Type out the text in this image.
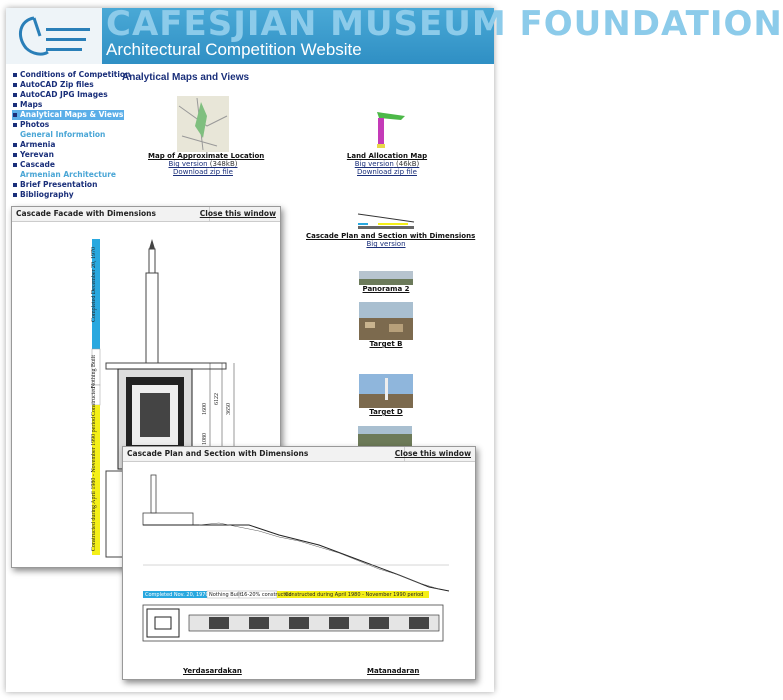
CAFESJIAN MUSEUM FOUNDATION
Architectural Competition Website
Conditions of Competition
AutoCAD Zip files
AutoCAD JPG Images
Maps
Analytical Maps & Views
Photos
General Information
Armenia
Yerevan
Cascade
Armenian Architecture
Brief Presentation
Bibliography
Analytical Maps and Views
Map of Approximate Location
Big version (348kB)
Download zip file
Land Allocation Map
Big version (46kB)
Download zip file
Cascade Plan and Section with Dimensions
Big version
Panorama 2
Target B
Target D
Cascade Facade with Dimensions	Close this window
Completed December 20, 1970
Nothing Built
Constructed
Constructed during April 1980 - November 1990 period
1600
1080
6122
3650
Cascade Plan and Section with Dimensions	Close this window
Completed Nov. 20, 1970 Nothing Built 16-20% constructed
Constructed during April 1980 - November 1990 period
Yerdasardakan	Matanadaran
